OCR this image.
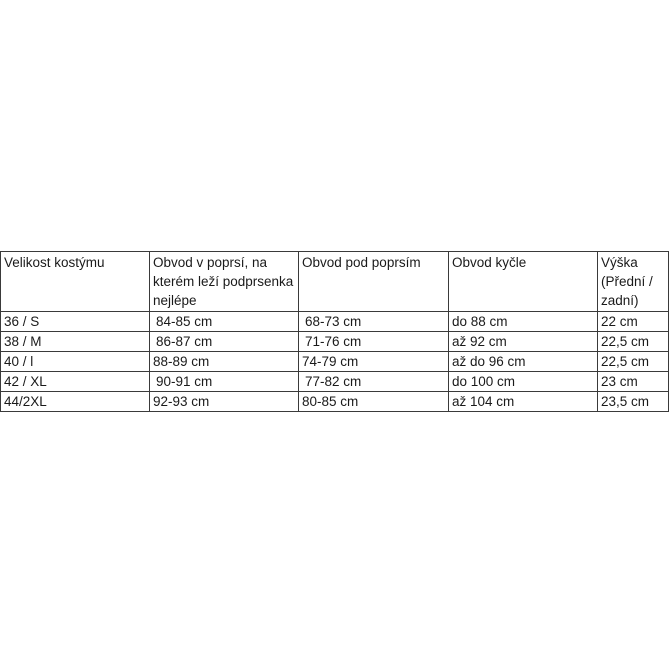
Velikost kostýmu	Obvod v poprsí, na kterém leží podprsenka nejlépe	Obvod pod poprsím	Obvod kyčle	Výška (Přední / zadní)
36 / S	84-85 cm	68-73 cm	do 88 cm	22 cm
38 / M	86-87 cm	71-76 cm	až 92 cm	22,5 cm
40 / l	88-89 cm	74-79 cm	až do 96 cm	22,5 cm
42 / XL	90-91 cm	77-82 cm	do 100 cm	23 cm
44/2XL	92-93 cm	80-85 cm	až 104 cm	23,5 cm
